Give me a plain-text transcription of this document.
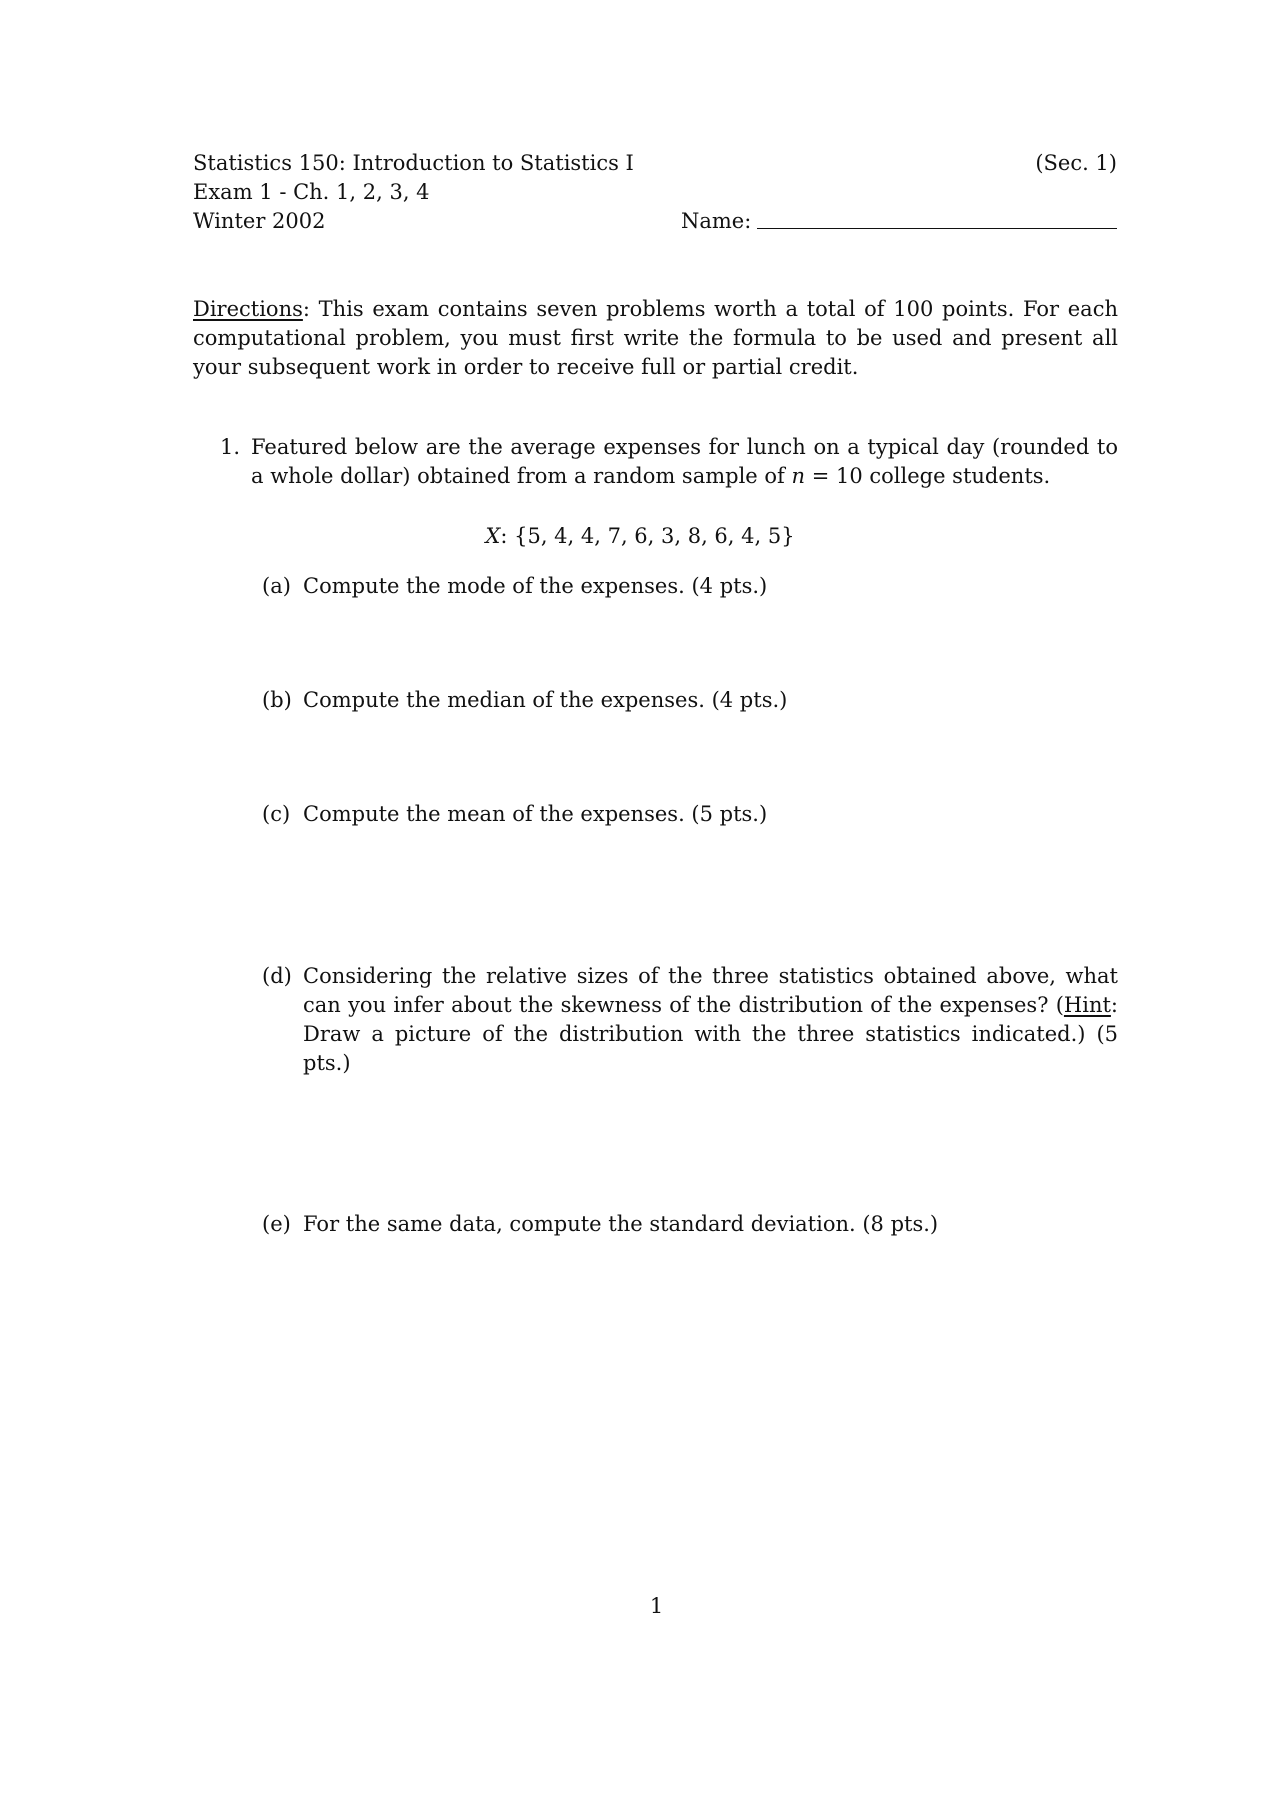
Statistics 150: Introduction to Statistics I	(Sec. 1)
Exam 1 - Ch. 1, 2, 3, 4
Winter 2002	Name:
Directions: This exam contains seven problems worth a total of 100 points. For each computational problem, you must first write the formula to be used and present all your subsequent work in order to receive full or partial credit.
1. Featured below are the average expenses for lunch on a typical day (rounded to a whole dollar) obtained from a random sample of n = 10 college students.
X: {5, 4, 4, 7, 6, 3, 8, 6, 4, 5}
(a) Compute the mode of the expenses. (4 pts.)
(b) Compute the median of the expenses. (4 pts.)
(c) Compute the mean of the expenses. (5 pts.)
(d) Considering the relative sizes of the three statistics obtained above, what can you infer about the skewness of the distribution of the expenses? (Hint: Draw a picture of the distribution with the three statistics indicated.) (5 pts.)
(e) For the same data, compute the standard deviation. (8 pts.)
1
